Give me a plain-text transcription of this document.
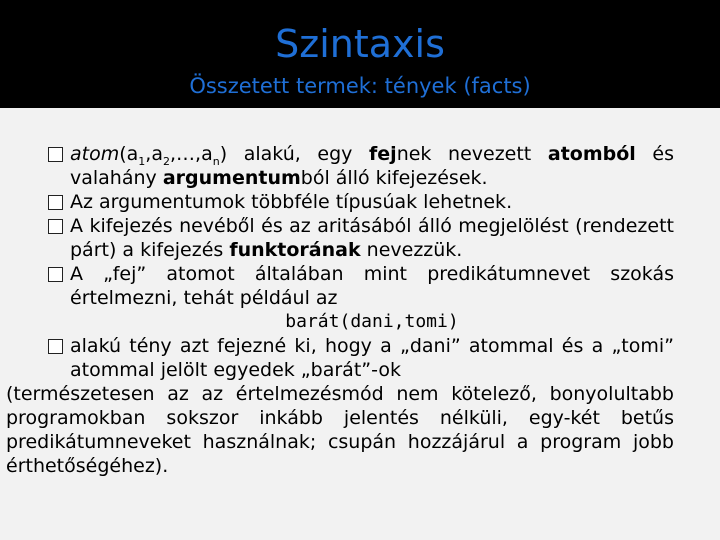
Szintaxis
Összetett termek: tények (facts)
$atom(a_1,a_2,\dots,a_n)$ alakú, egy fejnek nevezett atomból és valahány argumentumból álló kifejezések.
Az argumentumok többféle típusúak lehetnek.
A kifejezés nevéből és az aritásából álló megjelölést (rendezett párt) a kifejezés funktorának nevezzük.
A „fej” atomot általában mint predikátumnevet szokás értelmezni, tehát például az
barát(dani,tomi)
alakú tény azt fejezné ki, hogy a „dani” atommal és a „tomi” atommal jelölt egyedek „barát”-ok
(természetesen az az értelmezésmód nem kötelező, bonyolultabb programokban sokszor inkább jelentés nélküli, egy-két betűs predikátumneveket használnak; csupán hozzájárul a program jobb érthetőségéhez).
